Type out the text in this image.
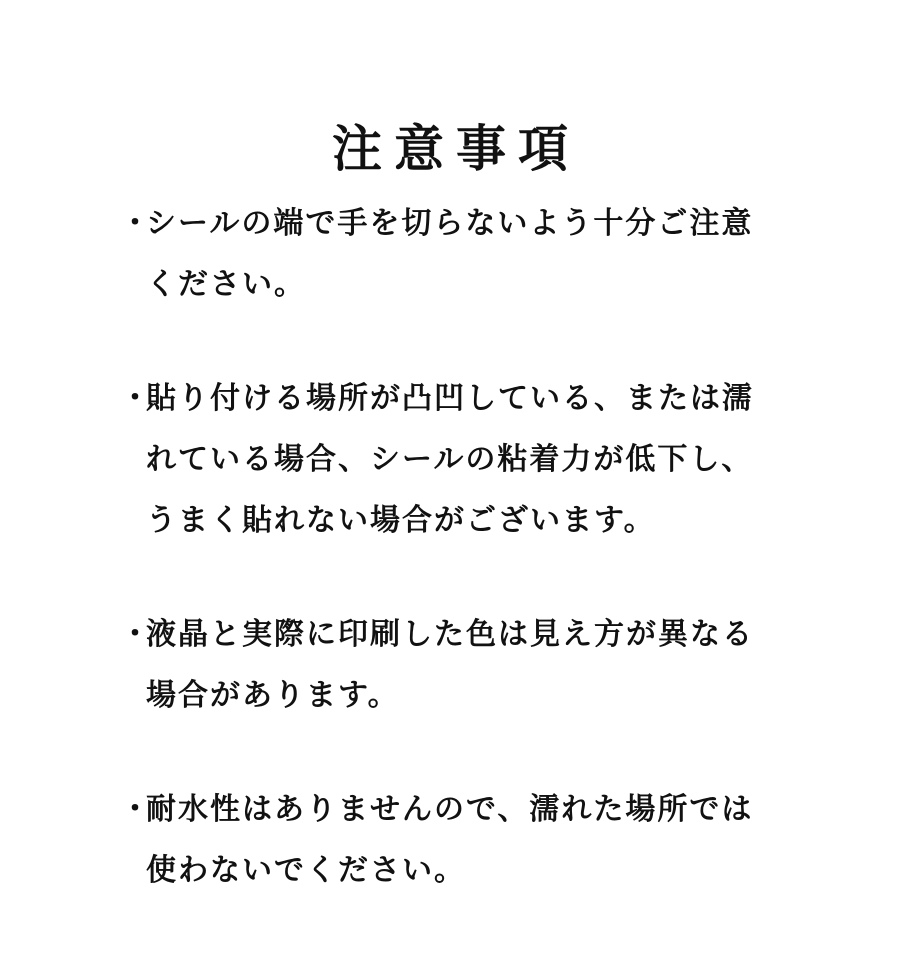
注意事項
・
シールの端で手を切らないよう十分ご注意
ください。
・
貼り付ける場所が凸凹している、または濡
れている場合、シールの粘着力が低下し、
うまく貼れない場合がございます。
・
液晶と実際に印刷した色は見え方が異なる
場合があります。
・
耐水性はありませんので、濡れた場所では
使わないでください。
